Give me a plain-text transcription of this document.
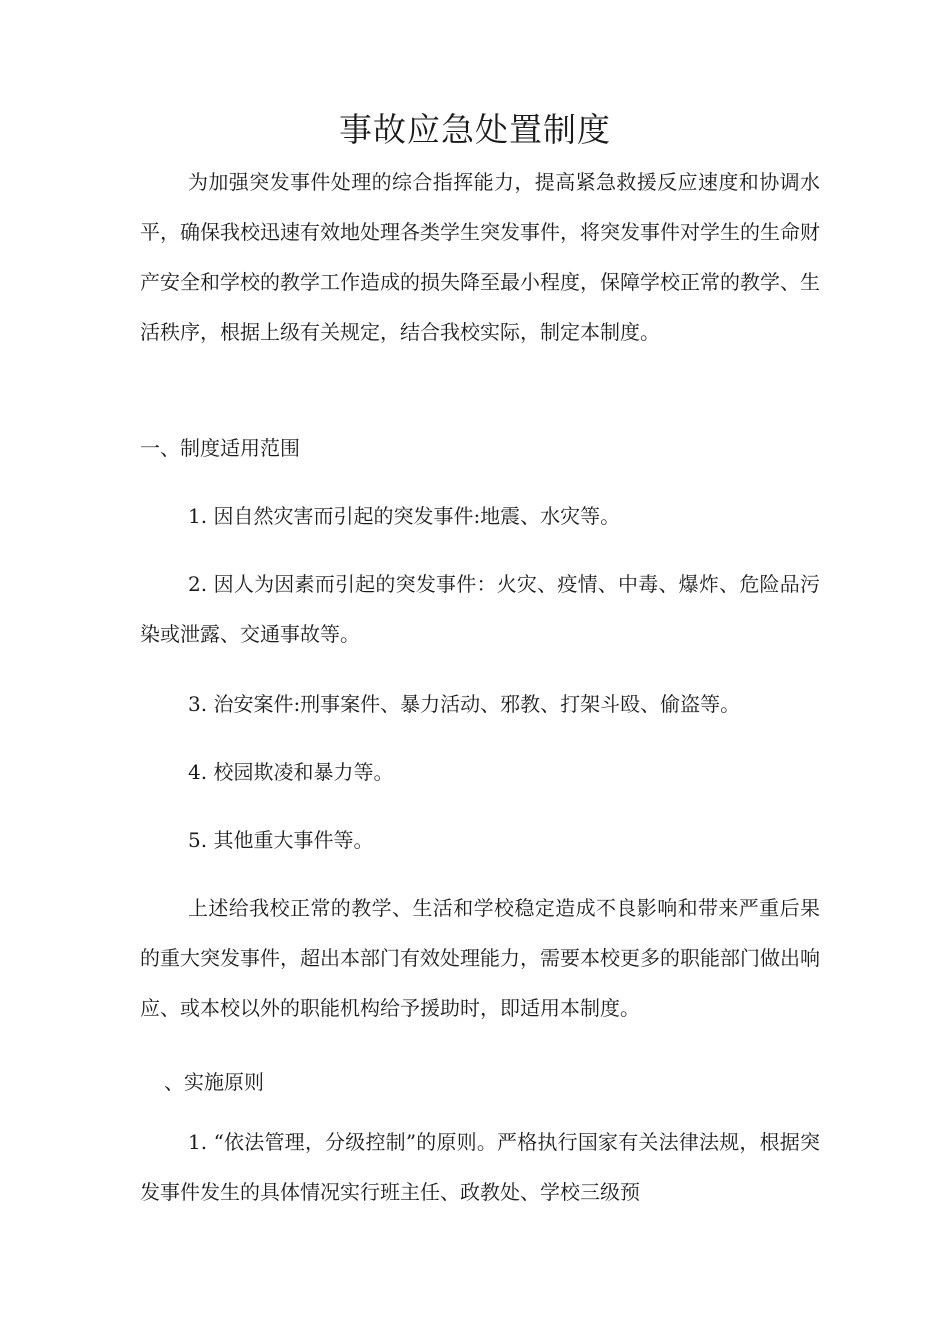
事故应急处置制度

为加强突发事件处理的综合指挥能力，提高紧急救援反应速度和协调水平，确保我校迅速有效地处理各类学生突发事件，将突发事件对学生的生命财产安全和学校的教学工作造成的损失降至最小程度，保障学校正常的教学、生活秩序，根据上级有关规定，结合我校实际，制定本制度。

一、制度适用范围

1. 因自然灾害而引起的突发事件:地震、水灾等。

2. 因人为因素而引起的突发事件：火灾、疫情、中毒、爆炸、危险品污染或泄露、交通事故等。

3. 治安案件:刑事案件、暴力活动、邪教、打架斗殴、偷盗等。

4. 校园欺凌和暴力等。

5. 其他重大事件等。

上述给我校正常的教学、生活和学校稳定造成不良影响和带来严重后果的重大突发事件，超出本部门有效处理能力，需要本校更多的职能部门做出响应、或本校以外的职能机构给予援助时，即适用本制度。

、实施原则

1. “依法管理，分级控制”的原则。严格执行国家有关法律法规，根据突发事件发生的具体情况实行班主任、政教处、学校三级预
